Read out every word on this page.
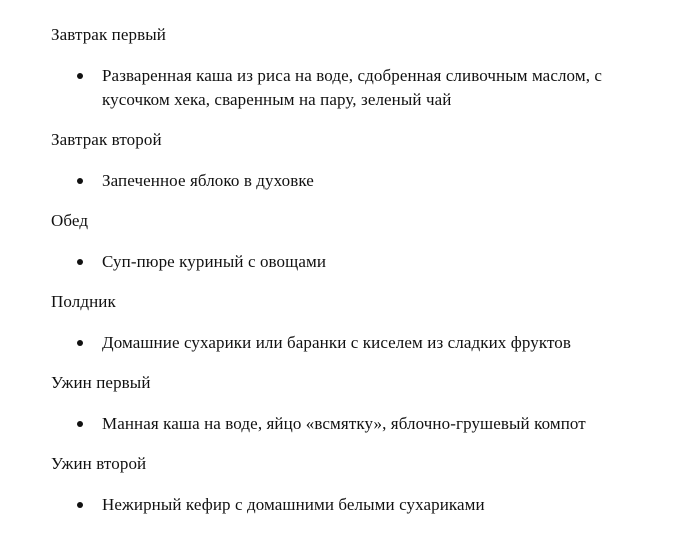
Завтрак первый
Разваренная каша из риса на воде, сдобренная сливочным маслом, с кусочком хека, сваренным на пару, зеленый чай
Завтрак второй
Запеченное яблоко в духовке
Обед
Суп-пюре куриный с овощами
Полдник
Домашние сухарики или баранки с киселем из сладких фруктов
Ужин первый
Манная каша на воде, яйцо «всмятку», яблочно-грушевый компот
Ужин второй
Нежирный кефир с домашними белыми сухариками
